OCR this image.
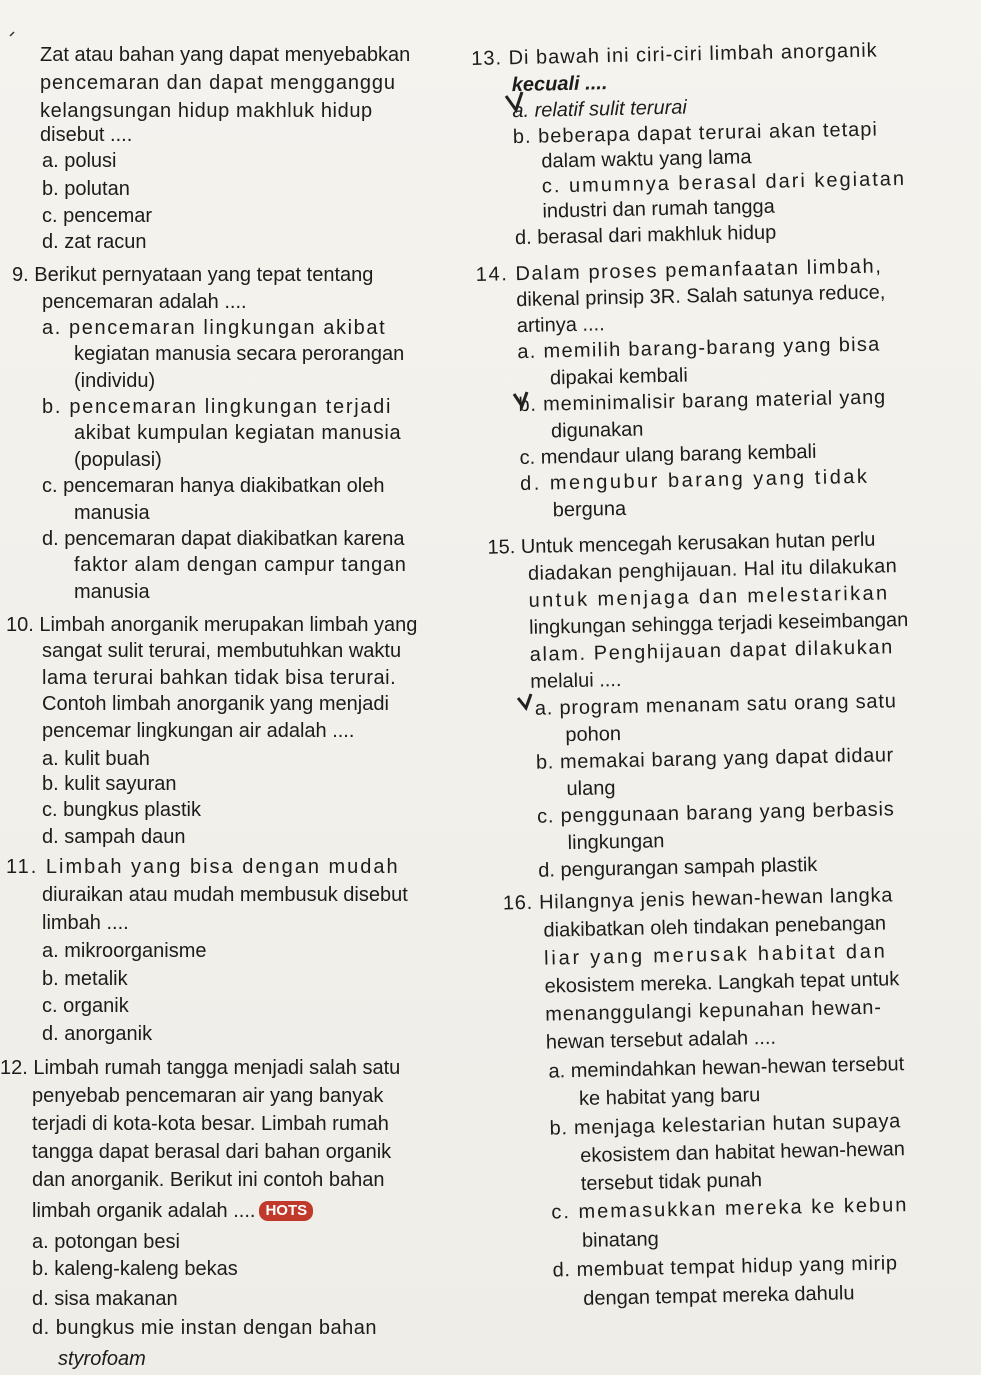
Zat atau bahan yang dapat menyebabkan
pencemaran dan dapat mengganggu
kelangsungan hidup makhluk hidup
disebut ....
a. polusi
b. polutan
c. pencemar
d. zat racun
9. Berikut pernyataan yang tepat tentang
pencemaran adalah ....
a. pencemaran lingkungan akibat
kegiatan manusia secara perorangan
(individu)
b. pencemaran lingkungan terjadi
akibat kumpulan kegiatan manusia
(populasi)
c. pencemaran hanya diakibatkan oleh
manusia
d. pencemaran dapat diakibatkan karena
faktor alam dengan campur tangan
manusia
10. Limbah anorganik merupakan limbah yang
sangat sulit terurai, membutuhkan waktu
lama terurai bahkan tidak bisa terurai.
Contoh limbah anorganik yang menjadi
pencemar lingkungan air adalah ....
a. kulit buah
b. kulit sayuran
c. bungkus plastik
d. sampah daun
11. Limbah yang bisa dengan mudah
diuraikan atau mudah membusuk disebut
limbah ....
a. mikroorganisme
b. metalik
c. organik
d. anorganik
12. Limbah rumah tangga menjadi salah satu
penyebab pencemaran air yang banyak
terjadi di kota-kota besar. Limbah rumah
tangga dapat berasal dari bahan organik
dan anorganik. Berikut ini contoh bahan
limbah organik adalah .... HOTS
a. potongan besi
b. kaleng-kaleng bekas
d. sisa makanan
d. bungkus mie instan dengan bahan
styrofoam
13. Di bawah ini ciri-ciri limbah anorganik
kecuali ....
a. relatif sulit terurai
b. beberapa dapat terurai akan tetapi
dalam waktu yang lama
c. umumnya berasal dari kegiatan
industri dan rumah tangga
d. berasal dari makhluk hidup
14. Dalam proses pemanfaatan limbah,
dikenal prinsip 3R. Salah satunya reduce,
artinya ....
a. memilih barang-barang yang bisa
dipakai kembali
b. meminimalisir barang material yang
digunakan
c. mendaur ulang barang kembali
d. mengubur barang yang tidak
berguna
15. Untuk mencegah kerusakan hutan perlu
diadakan penghijauan. Hal itu dilakukan
untuk menjaga dan melestarikan
lingkungan sehingga terjadi keseimbangan
alam. Penghijauan dapat dilakukan
melalui ....
a. program menanam satu orang satu
pohon
b. memakai barang yang dapat didaur
ulang
c. penggunaan barang yang berbasis
lingkungan
d. pengurangan sampah plastik
16. Hilangnya jenis hewan-hewan langka
diakibatkan oleh tindakan penebangan
liar yang merusak habitat dan
ekosistem mereka. Langkah tepat untuk
menanggulangi kepunahan hewan-
hewan tersebut adalah ....
a. memindahkan hewan-hewan tersebut
ke habitat yang baru
b. menjaga kelestarian hutan supaya
ekosistem dan habitat hewan-hewan
tersebut tidak punah
c. memasukkan mereka ke kebun
binatang
d. membuat tempat hidup yang mirip
dengan tempat mereka dahulu
